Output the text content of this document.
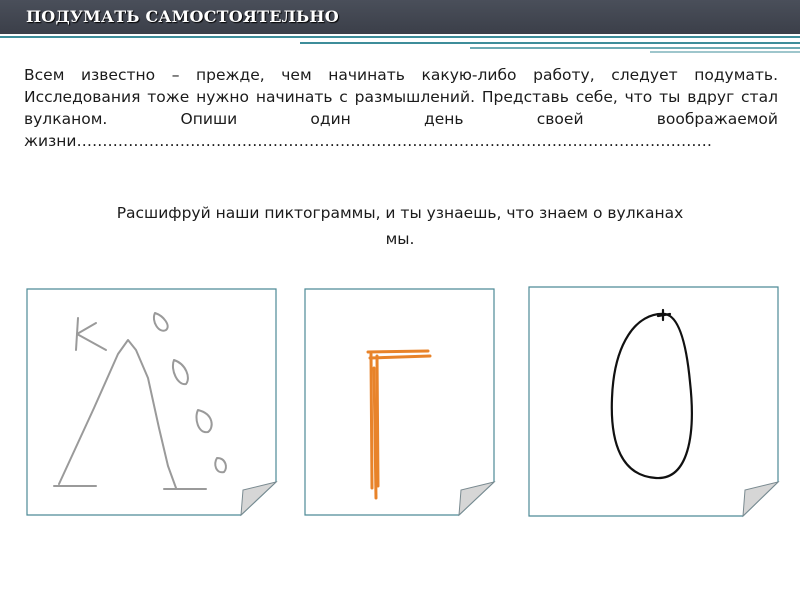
ПОДУМАТЬ САМОСТОЯТЕЛЬНО
Всем известно – прежде, чем начинать какую-либо работу, следует подумать. Исследования тоже нужно начинать с размышлений. Представь себе, что ты вдруг стал вулканом. Опиши один день своей воображаемой жизни……………………………………………………………………………………………………………
Расшифруй наши пиктограммы, и ты узнаешь, что знаем о вулканах мы.
